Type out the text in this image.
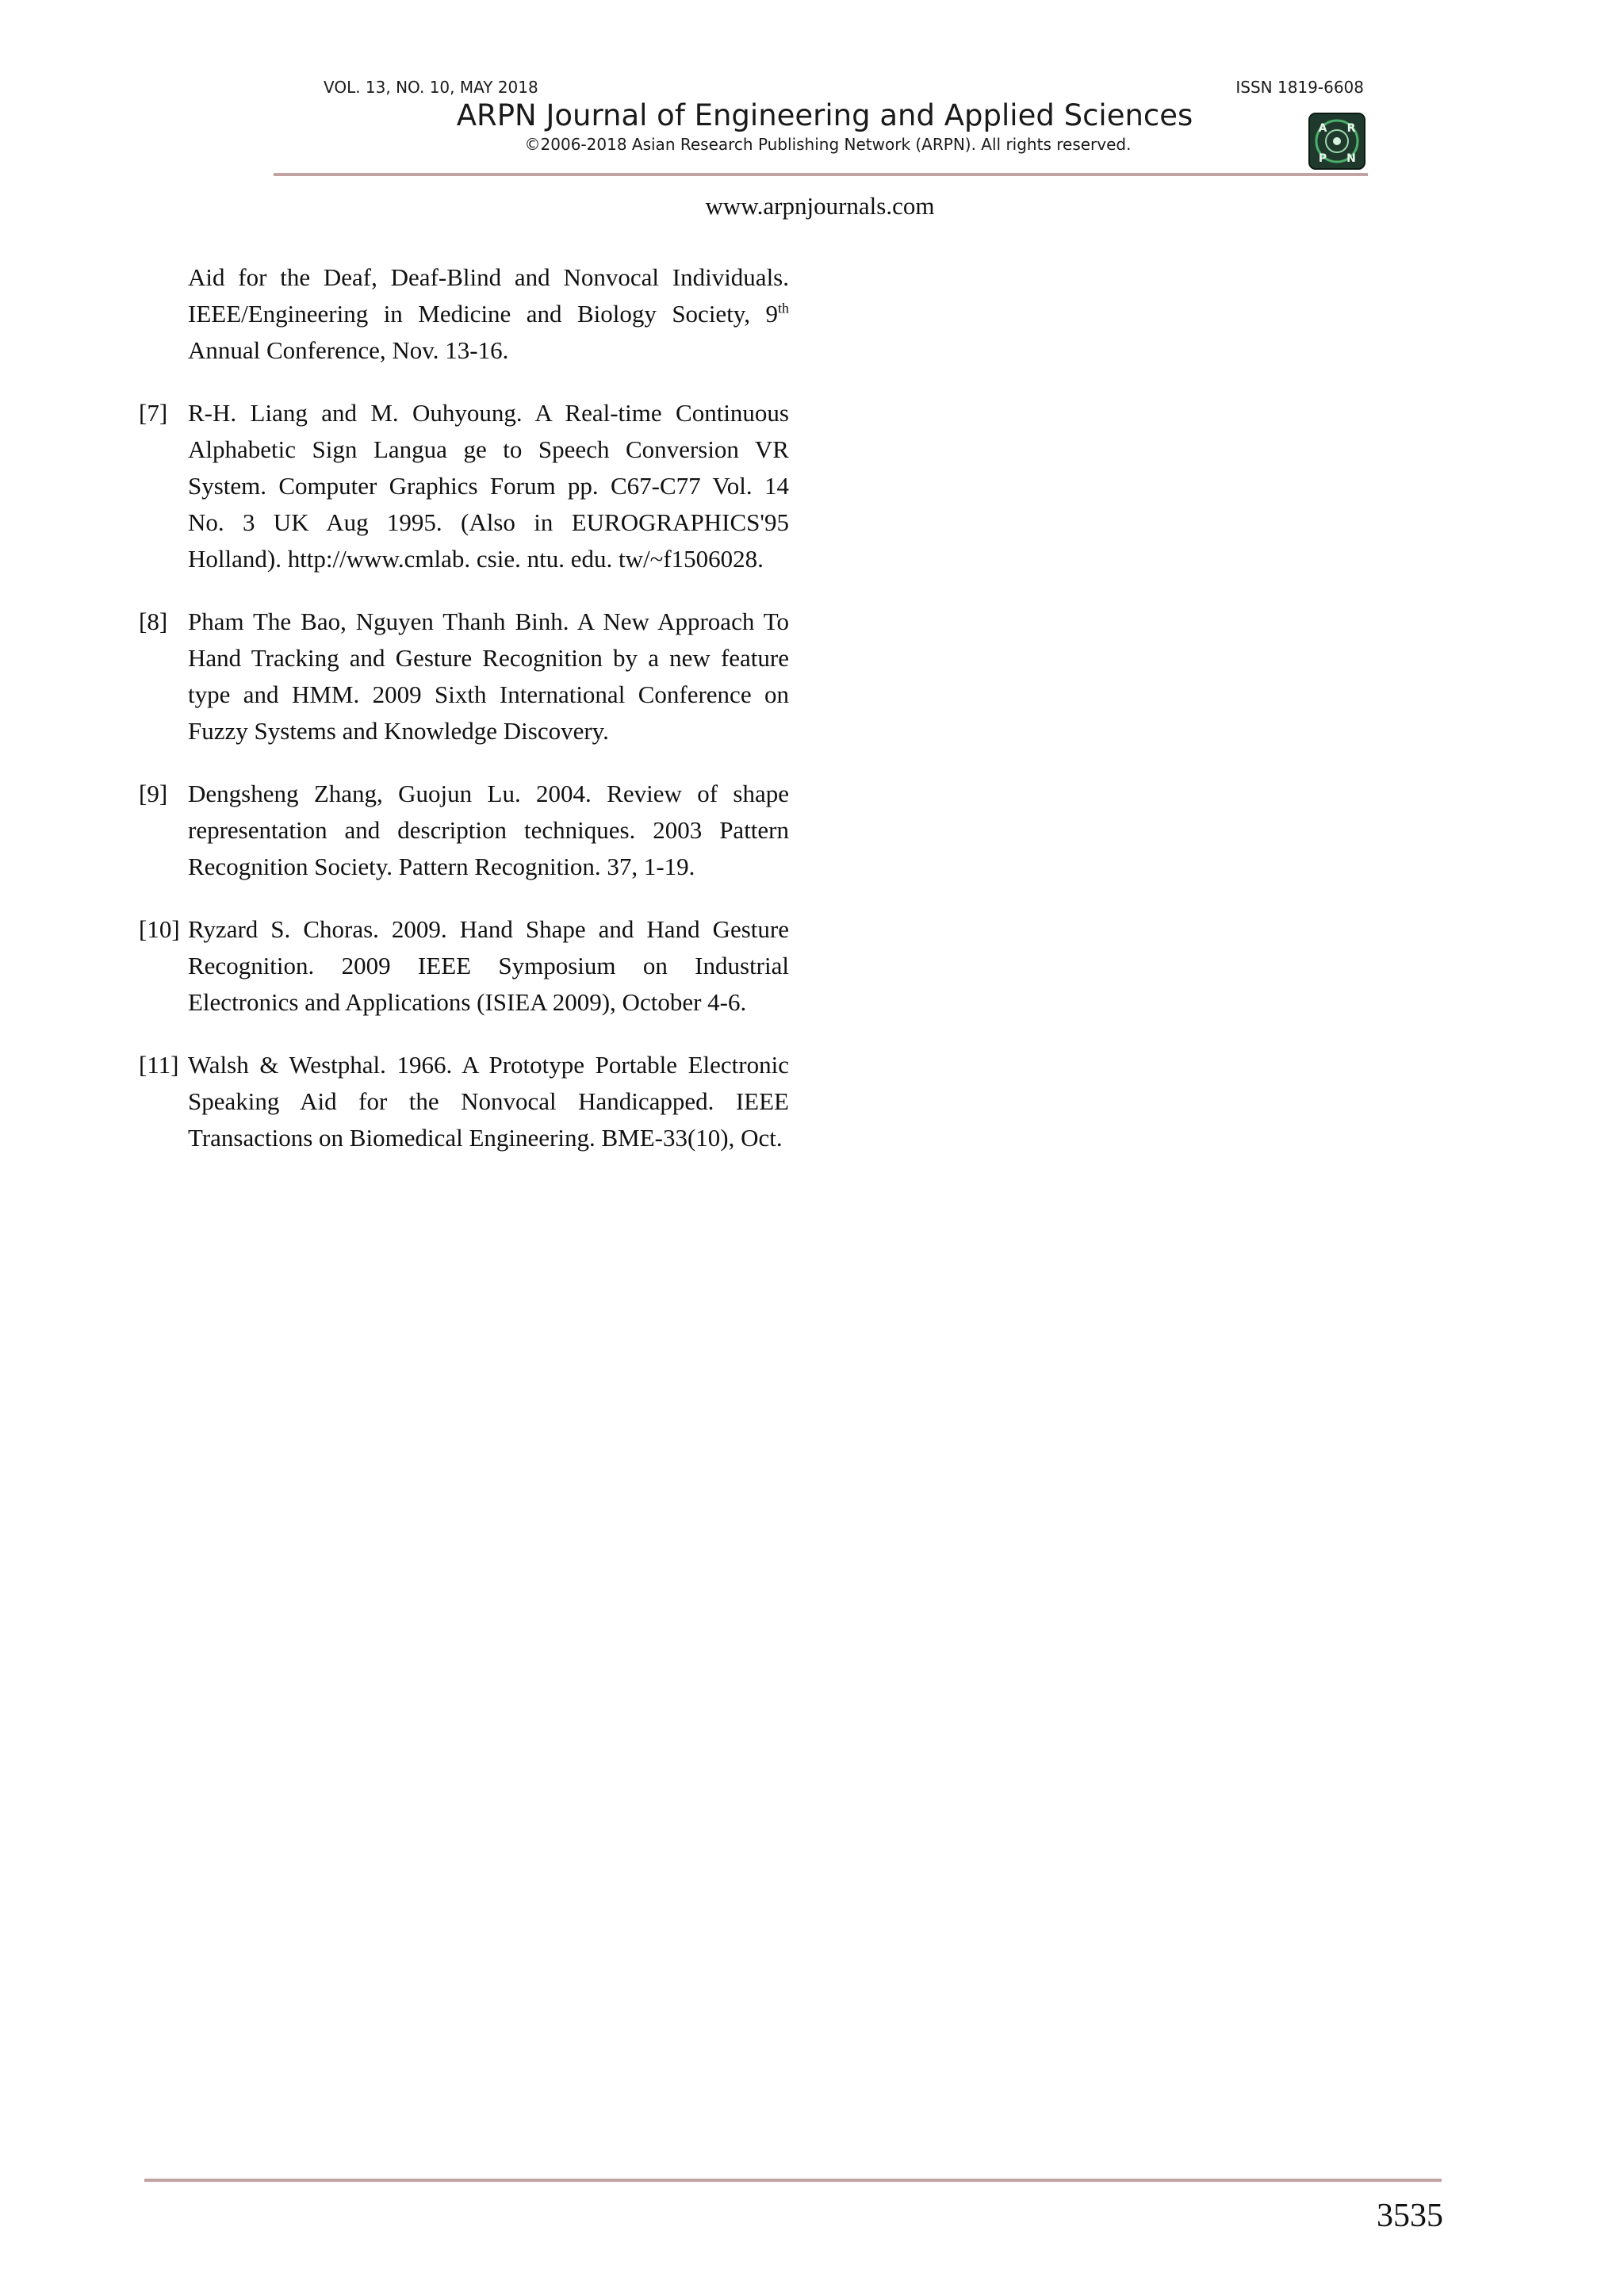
VOL. 13, NO. 10, MAY 2018	ISSN 1819-6608
ARPN Journal of Engineering and Applied Sciences
©2006-2018 Asian Research Publishing Network (ARPN). All rights reserved.
A R
P N
www.arpnjournals.com
Aid for the Deaf, Deaf-Blind and Nonvocal Individuals. IEEE/Engineering in Medicine and Biology Society, 9th Annual Conference, Nov. 13-16.
[7] R-H. Liang and M. Ouhyoung. A Real-time Continuous Alphabetic Sign Langua ge to Speech Conversion VR System. Computer Graphics Forum pp. C67-C77 Vol. 14 No. 3 UK Aug 1995. (Also in EUROGRAPHICS'95 Holland). http://www.cmlab. csie. ntu. edu. tw/~f1506028.
[8] Pham The Bao, Nguyen Thanh Binh. A New Approach To Hand Tracking and Gesture Recognition by a new feature type and HMM. 2009 Sixth International Conference on Fuzzy Systems and Knowledge Discovery.
[9] Dengsheng Zhang, Guojun Lu. 2004. Review of shape representation and description techniques. 2003 Pattern Recognition Society. Pattern Recognition. 37, 1-19.
[10] Ryzard S. Choras. 2009. Hand Shape and Hand Gesture Recognition. 2009 IEEE Symposium on Industrial Electronics and Applications (ISIEA 2009), October 4-6.
[11] Walsh & Westphal. 1966. A Prototype Portable Electronic Speaking Aid for the Nonvocal Handicapped. IEEE Transactions on Biomedical Engineering. BME-33(10), Oct.
3535
